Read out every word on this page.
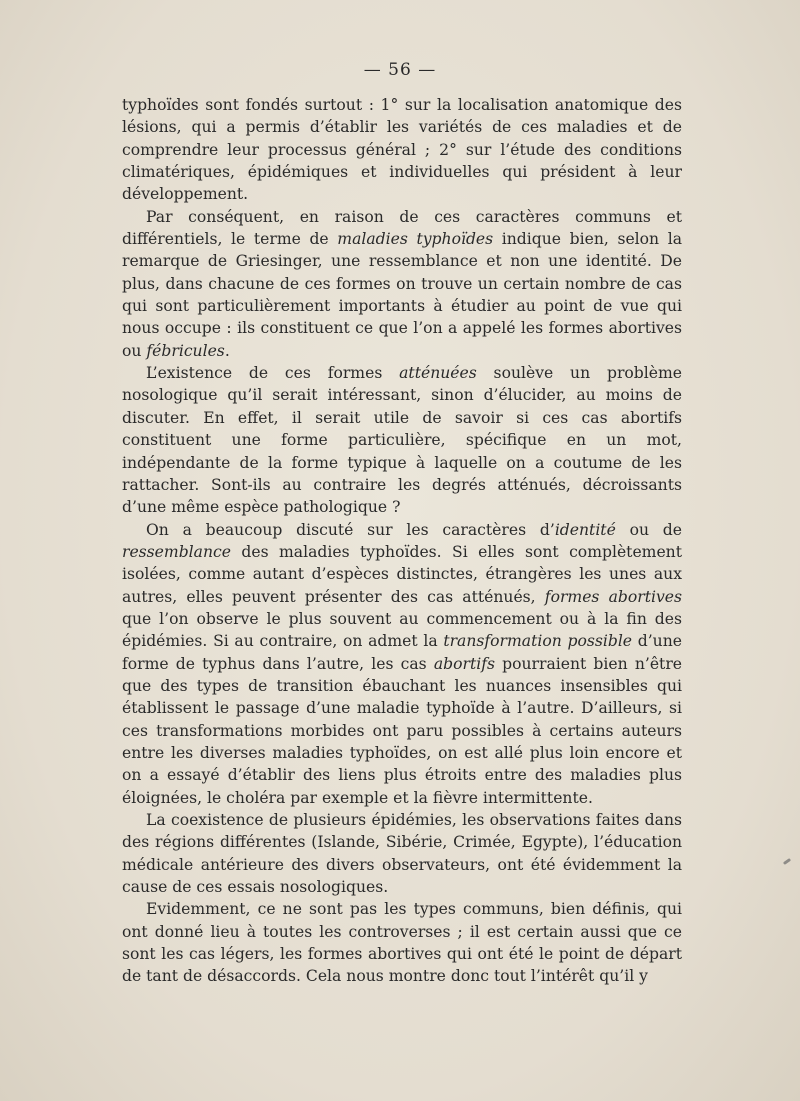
— 56 —

typhoïdes sont fondés surtout : 1° sur la localisation anatomique des lésions, qui a permis d’établir les variétés de ces maladies et de comprendre leur processus général ; 2° sur l’étude des conditions climatériques, épidémiques et individuelles qui président à leur développement.

Par conséquent, en raison de ces caractères communs et différentiels, le terme de maladies typhoïdes indique bien, selon la remarque de Griesinger, une ressemblance et non une identité. De plus, dans chacune de ces formes on trouve un certain nombre de cas qui sont particulièrement importants à étudier au point de vue qui nous occupe : ils constituent ce que l’on a appelé les formes abortives ou fébricules.

L’existence de ces formes atténuées soulève un problème nosologique qu’il serait intéressant, sinon d’élucider, au moins de discuter. En effet, il serait utile de savoir si ces cas abortifs constituent une forme particulière, spécifique en un mot, indépendante de la forme typique à laquelle on a coutume de les rattacher. Sont-ils au contraire les degrés atténués, décroissants d’une même espèce pathologique ?

On a beaucoup discuté sur les caractères d’identité ou de ressemblance des maladies typhoïdes. Si elles sont complètement isolées, comme autant d’espèces distinctes, étrangères les unes aux autres, elles peuvent présenter des cas atténués, formes abortives que l’on observe le plus souvent au commencement ou à la fin des épidémies. Si au contraire, on admet la transformation possible d’une forme de typhus dans l’autre, les cas abortifs pourraient bien n’être que des types de transition ébauchant les nuances insensibles qui établissent le passage d’une maladie typhoïde à l’autre. D’ailleurs, si ces transformations morbides ont paru possibles à certains auteurs entre les diverses maladies typhoïdes, on est allé plus loin encore et on a essayé d’établir des liens plus étroits entre des maladies plus éloignées, le choléra par exemple et la fièvre intermittente.

La coexistence de plusieurs épidémies, les observations faites dans des régions différentes (Islande, Sibérie, Crimée, Egypte), l’éducation médicale antérieure des divers observateurs, ont été évidemment la cause de ces essais nosologiques.

Evidemment, ce ne sont pas les types communs, bien définis, qui ont donné lieu à toutes les controverses ; il est certain aussi que ce sont les cas légers, les formes abortives qui ont été le point de départ de tant de désaccords. Cela nous montre donc tout l’intérêt qu’il y
